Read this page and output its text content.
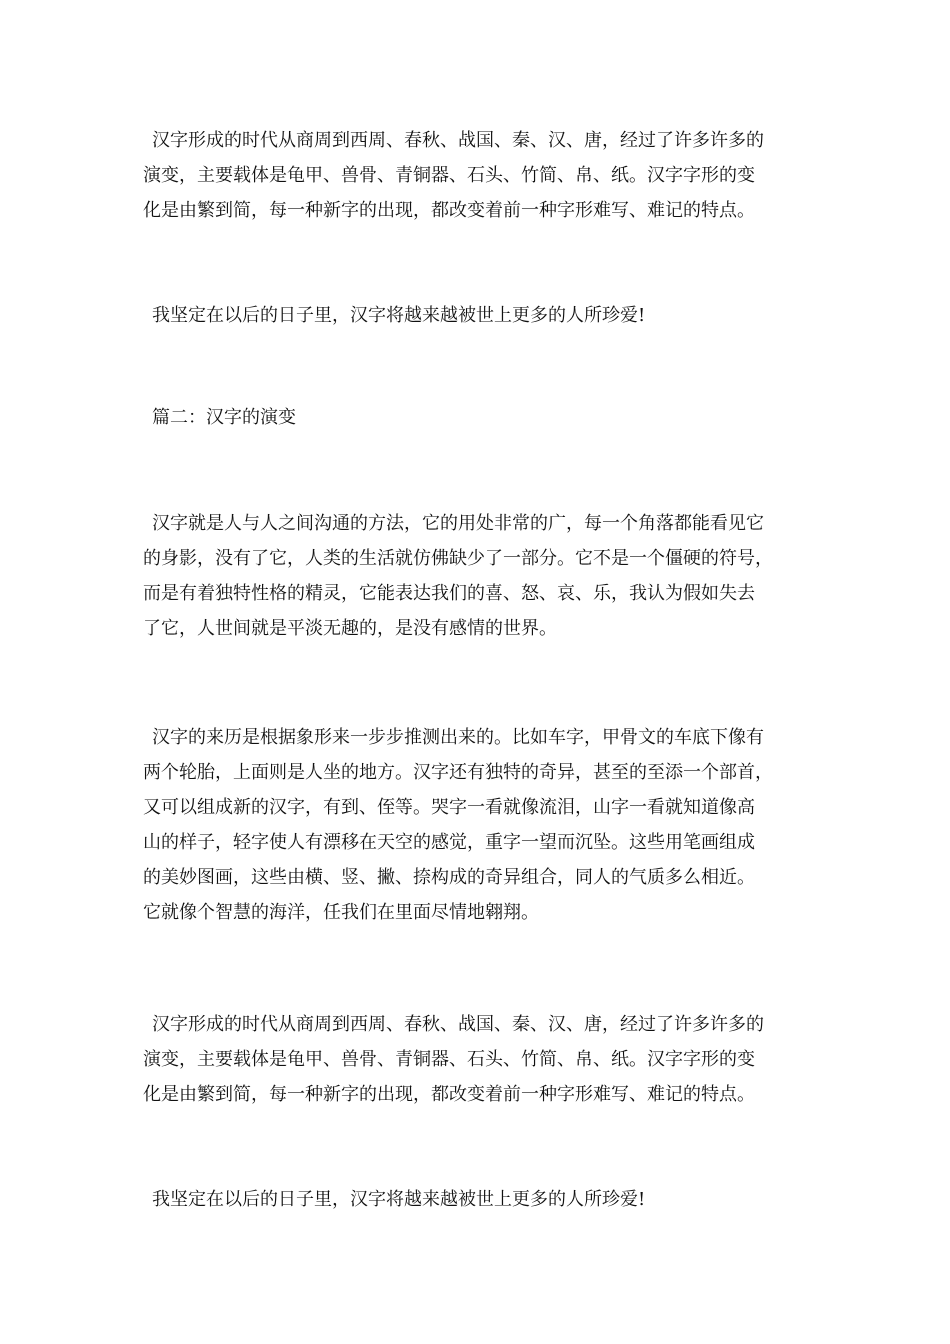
汉字形成的时代从商周到西周、春秋、战国、秦、汉、唐，经过了许多许多的
演变，主要载体是龟甲、兽骨、青铜器、石头、竹简、帛、纸。汉字字形的变
化是由繁到简，每一种新字的出现，都改变着前一种字形难写、难记的特点。

我坚定在以后的日子里，汉字将越来越被世上更多的人所珍爱!

篇二：汉字的演变

汉字就是人与人之间沟通的方法，它的用处非常的广，每一个角落都能看见它
的身影，没有了它，人类的生活就仿佛缺少了一部分。它不是一个僵硬的符号，
而是有着独特性格的精灵，它能表达我们的喜、怒、哀、乐，我认为假如失去
了它，人世间就是平淡无趣的，是没有感情的世界。

汉字的来历是根据象形来一步步推测出来的。比如车字，甲骨文的车底下像有
两个轮胎，上面则是人坐的地方。汉字还有独特的奇异，甚至的至添一个部首，
又可以组成新的汉字，有到、侄等。哭字一看就像流泪，山字一看就知道像高
山的样子，轻字使人有漂移在天空的感觉，重字一望而沉坠。这些用笔画组成
的美妙图画，这些由横、竖、撇、捺构成的奇异组合，同人的气质多么相近。
它就像个智慧的海洋，任我们在里面尽情地翱翔。

汉字形成的时代从商周到西周、春秋、战国、秦、汉、唐，经过了许多许多的
演变，主要载体是龟甲、兽骨、青铜器、石头、竹简、帛、纸。汉字字形的变
化是由繁到简，每一种新字的出现，都改变着前一种字形难写、难记的特点。

我坚定在以后的日子里，汉字将越来越被世上更多的人所珍爱!
